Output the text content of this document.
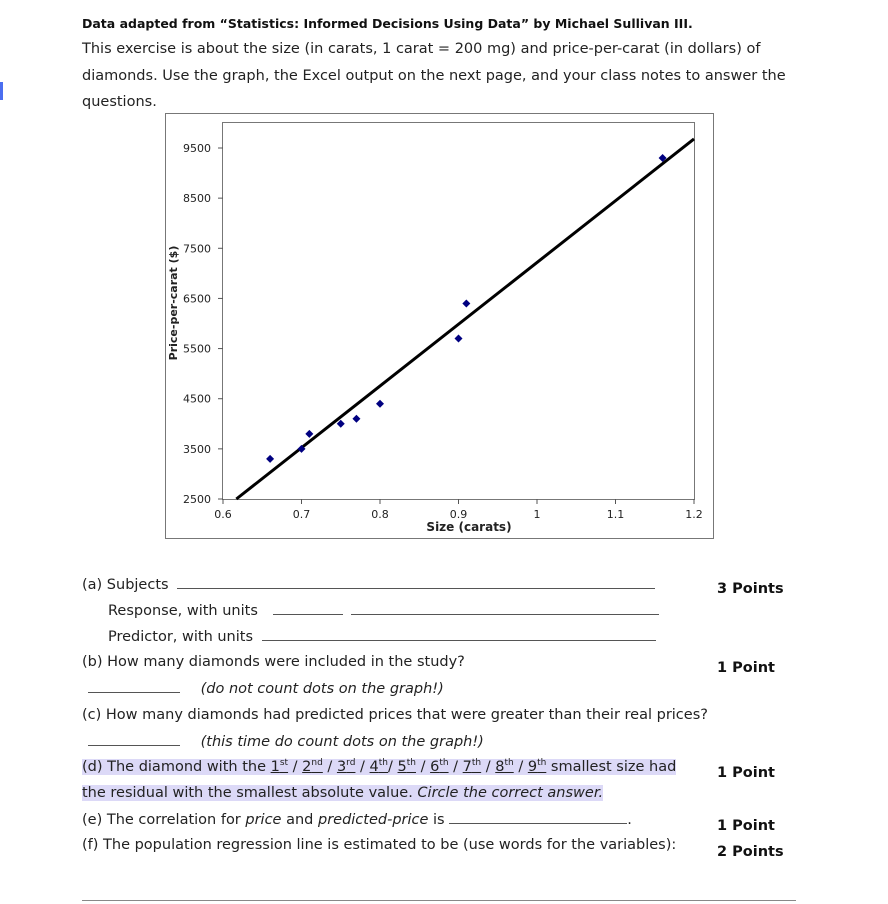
Data adapted from “Statistics: Informed Decisions Using Data” by Michael Sullivan III.
This exercise is about the size (in carats, 1 carat = 200 mg) and price-per-carat (in dollars) of diamonds. Use the graph, the Excel output on the next page, and your class notes to answer the questions.
2500
3500
4500
5500
6500
7500
8500
9500
0.6	0.7	0.8	0.9	1	1.1	1.2
Size (carats)
Price-per-carat ($)
(a) Subjects	3 Points
Response, with units
Predictor, with units
(b) How many diamonds were included in the study?	1 Point
(do not count dots on the graph!)
(c) How many diamonds had predicted prices that were greater than their real prices?
(this time do count dots on the graph!)
(d) The diamond with the 1st / 2nd / 3rd / 4th/ 5th / 6th / 7th / 8th / 9th smallest size had	1 Point
the residual with the smallest absolute value. Circle the correct answer.
(e) The correlation for price and predicted-price is	.	1 Point
(f) The population regression line is estimated to be (use words for the variables):	2 Points
